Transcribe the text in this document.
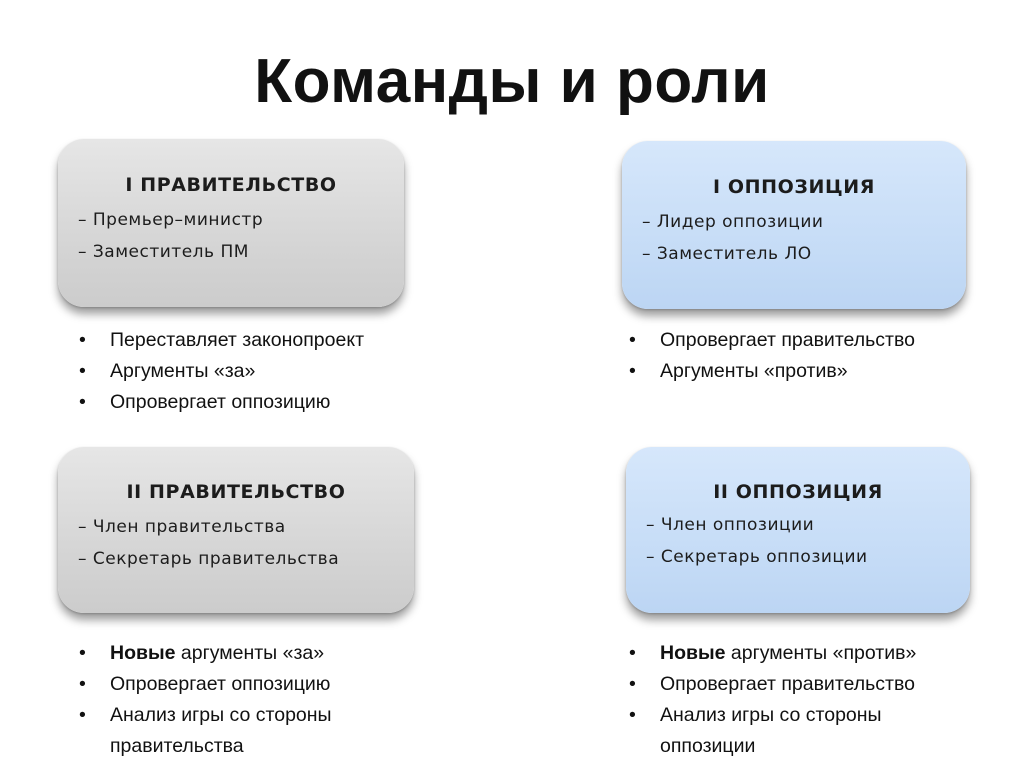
Команды и роли
I ПРАВИТЕЛЬСТВО
– Премьер–министр
– Заместитель ПМ
I ОППОЗИЦИЯ
– Лидер оппозиции
– Заместитель ЛО
II ПРАВИТЕЛЬСТВО
– Член правительства
– Секретарь правительства
II ОППОЗИЦИЯ
– Член оппозиции
– Секретарь оппозиции
• Переставляет законопроект
• Аргументы «за»
• Опровергает оппозицию
• Опровергает правительство
• Аргументы «против»
• Новые аргументы «за»
• Опровергает оппозицию
• Анализ игры со стороны правительства
• Новые аргументы «против»
• Опровергает правительство
• Анализ игры со стороны оппозиции
